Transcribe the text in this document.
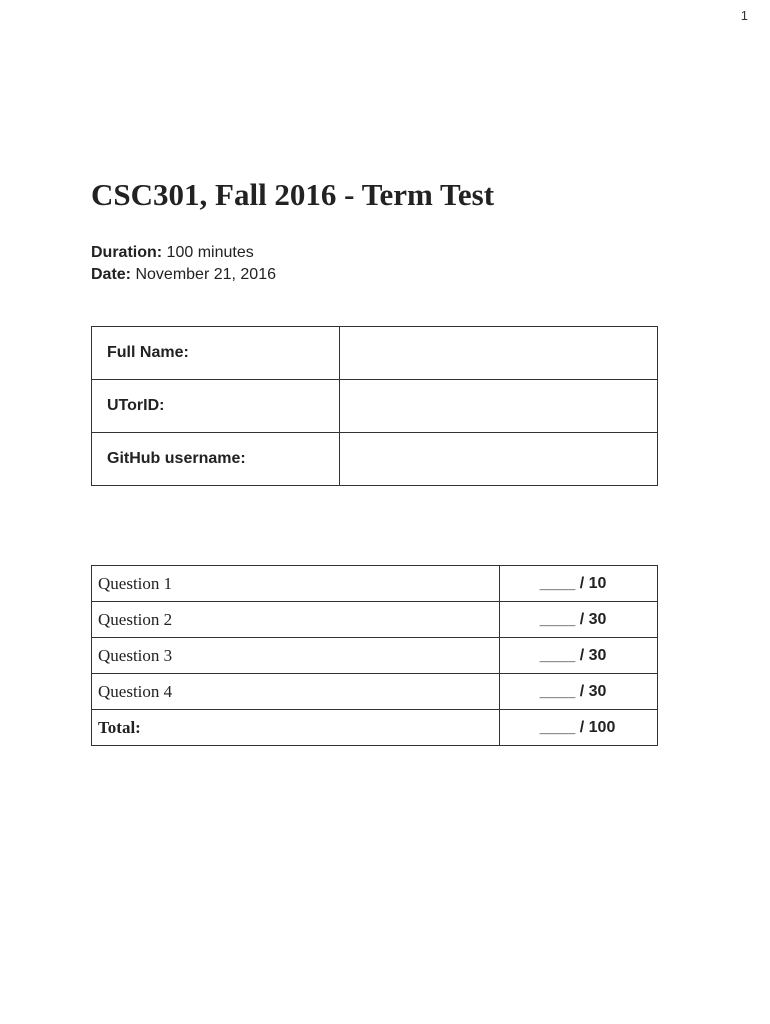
1
CSC301, Fall 2016 - Term Test
Duration: 100 minutes
Date: November 21, 2016
Full Name:	
UTorID:	
GitHub username:	
Question 1	____ / 10
Question 2	____ / 30
Question 3	____ / 30
Question 4	____ / 30
Total:	____ / 100
